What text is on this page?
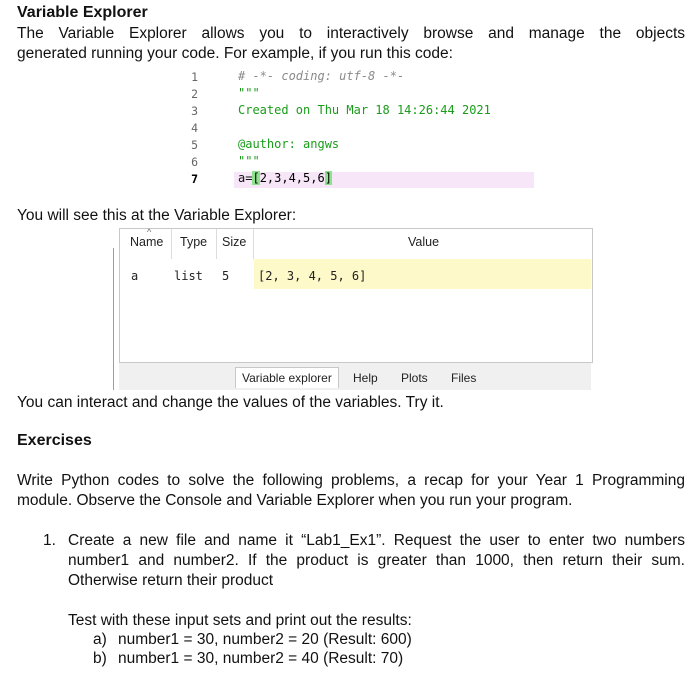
Variable Explorer
The Variable Explorer allows you to interactively browse and manage the objects
generated running your code. For example, if you run this code:
1
2
3
4
5
6
7
# -*- coding: utf-8 -*-
"""
Created on Thu Mar 18 14:26:44 2021
@author: angws
"""
a=[2,3,4,5,6]
You will see this at the Variable Explorer:
^
Name Type Size	Value
a	list 5 [2, 3, 4, 5, 6]
Variable explorer	Help	Plots	Files
You can interact and change the values of the variables. Try it.
Exercises
Write Python codes to solve the following problems, a recap for your Year 1 Programming
module. Observe the Console and Variable Explorer when you run your program.
1. Create a new file and name it “Lab1_Ex1”. Request the user to enter two numbers
number1 and number2. If the product is greater than 1000, then return their sum.
Otherwise return their product
Test with these input sets and print out the results:
a) number1 = 30, number2 = 20 (Result: 600)
b) number1 = 30, number2 = 40 (Result: 70)
